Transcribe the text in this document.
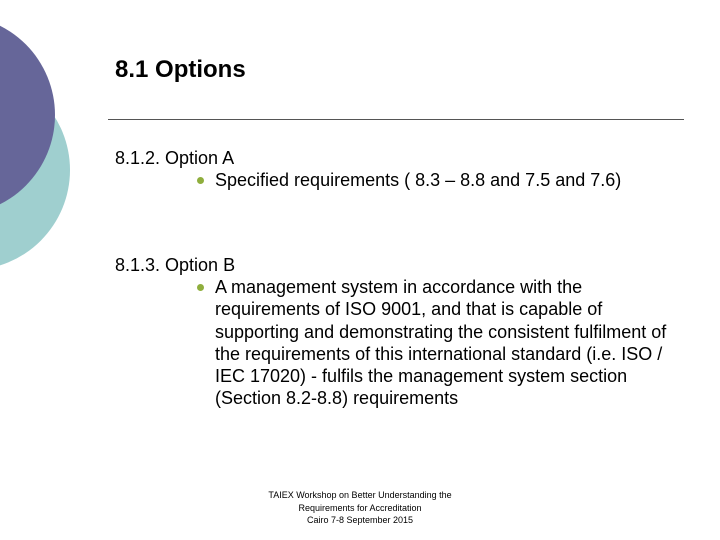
8.1 Options
8.1.2. Option A
Specified requirements ( 8.3 – 8.8 and 7.5 and 7.6)
8.1.3. Option B
A management system in accordance with the requirements of ISO 9001, and that is capable of supporting and demonstrating the consistent fulfilment of the requirements of this international standard (i.e. ISO / IEC 17020) - fulfils the management system section (Section 8.2-8.8) requirements
TAIEX Workshop on Better Understanding the
Requirements for Accreditation
Cairo 7-8 September 2015
